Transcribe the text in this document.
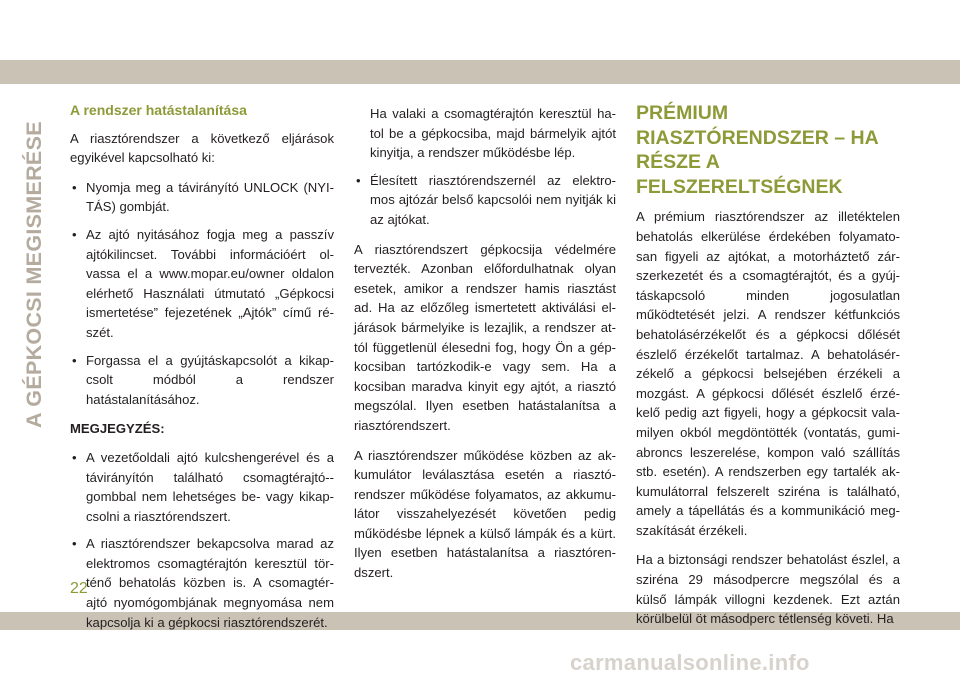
A GÉPKOCSI MEGISMERÉSE
A rendszer hatástalanítása

A riasztórendszer a következő eljárások egyikével kapcsolható ki:

• Nyomja meg a távirányító UNLOCK (NYI-TÁS) gombját.
• Az ajtó nyitásához fogja meg a passzív ajtókilincset. További információért ol-vassa el a www.mopar.eu/owner oldalon elérhető Használati útmutató „Gépkocsi ismertetése” fejezetének „Ajtók” című ré-szét.
• Forgassa el a gyújtáskapcsolót a kikap-csolt módból a rendszer hatástalanításához.
MEGJEGYZÉS:
• A vezetőoldali ajtó kulcshengerével és a távirányítón található csomagtérajtó--gombbal nem lehetséges be- vagy kikap-csolni a riasztórendszert.
• A riasztórendszer bekapcsolva marad az elektromos csomagtérajtón keresztül tör-ténő behatolás közben is. A csomagtér-ajtó nyomógombjának megnyomása nem kapcsolja ki a gépkocsi riasztórendszerét.
Ha valaki a csomagtérajtón keresztül ha-tol be a gépkocsiba, majd bármelyik ajtót kinyitja, a rendszer működésbe lép.
• Élesített riasztórendszernél az elektro-mos ajtózár belső kapcsolói nem nyitják ki az ajtókat.

A riasztórendszert gépkocsija védelmére tervezték. Azonban előfordulhatnak olyan esetek, amikor a rendszer hamis riasztást ad. Ha az előzőleg ismertetett aktiválási el-járások bármelyike is lezajlik, a rendszer at-tól függetlenül élesedni fog, hogy Ön a gép-kocsiban tartózkodik-e vagy sem. Ha a kocsiban maradva kinyit egy ajtót, a riasztó megszólal. Ilyen esetben hatástalanítsa a riasztórendszert.

A riasztórendszer működése közben az ak-kumulátor leválasztása esetén a riasztó-rendszer működése folyamatos, az akkumu-látor visszahelyezését követően pedig működésbe lépnek a külső lámpák és a kürt. Ilyen esetben hatástalanítsa a riasztóren-dszert.

PRÉMIUM RIASZTÓRENDSZER – HA RÉSZE A FELSZERELTSÉGNEK

A prémium riasztórendszer az illetéktelen behatolás elkerülése érdekében folyamato-san figyeli az ajtókat, a motorháztető zár-szerkezetét és a csomagtérajtót, és a gyúj-táskapcsoló minden jogosulatlan működtetését jelzi. A rendszer kétfunkciós behatolásérzékelőt és a gépkocsi dőlését észlelő érzékelőt tartalmaz. A behatolásér-zékelő a gépkocsi belsejében érzékeli a mozgást. A gépkocsi dőlését észlelő érzé-kelő pedig azt figyeli, hogy a gépkocsit vala-milyen okból megdöntötték (vontatás, gumi-abroncs leszerelése, kompon való szállítás stb. esetén). A rendszerben egy tartalék ak-kumulátorral felszerelt sziréna is található, amely a tápellátás és a kommunikáció meg-szakítását érzékeli.

Ha a biztonsági rendszer behatolást észlel, a sziréna 29 másodpercre megszólal és a külső lámpák villogni kezdenek. Ezt aztán körülbelül öt másodperc tétlenség követi. Ha

22
carmanualsonline.info
